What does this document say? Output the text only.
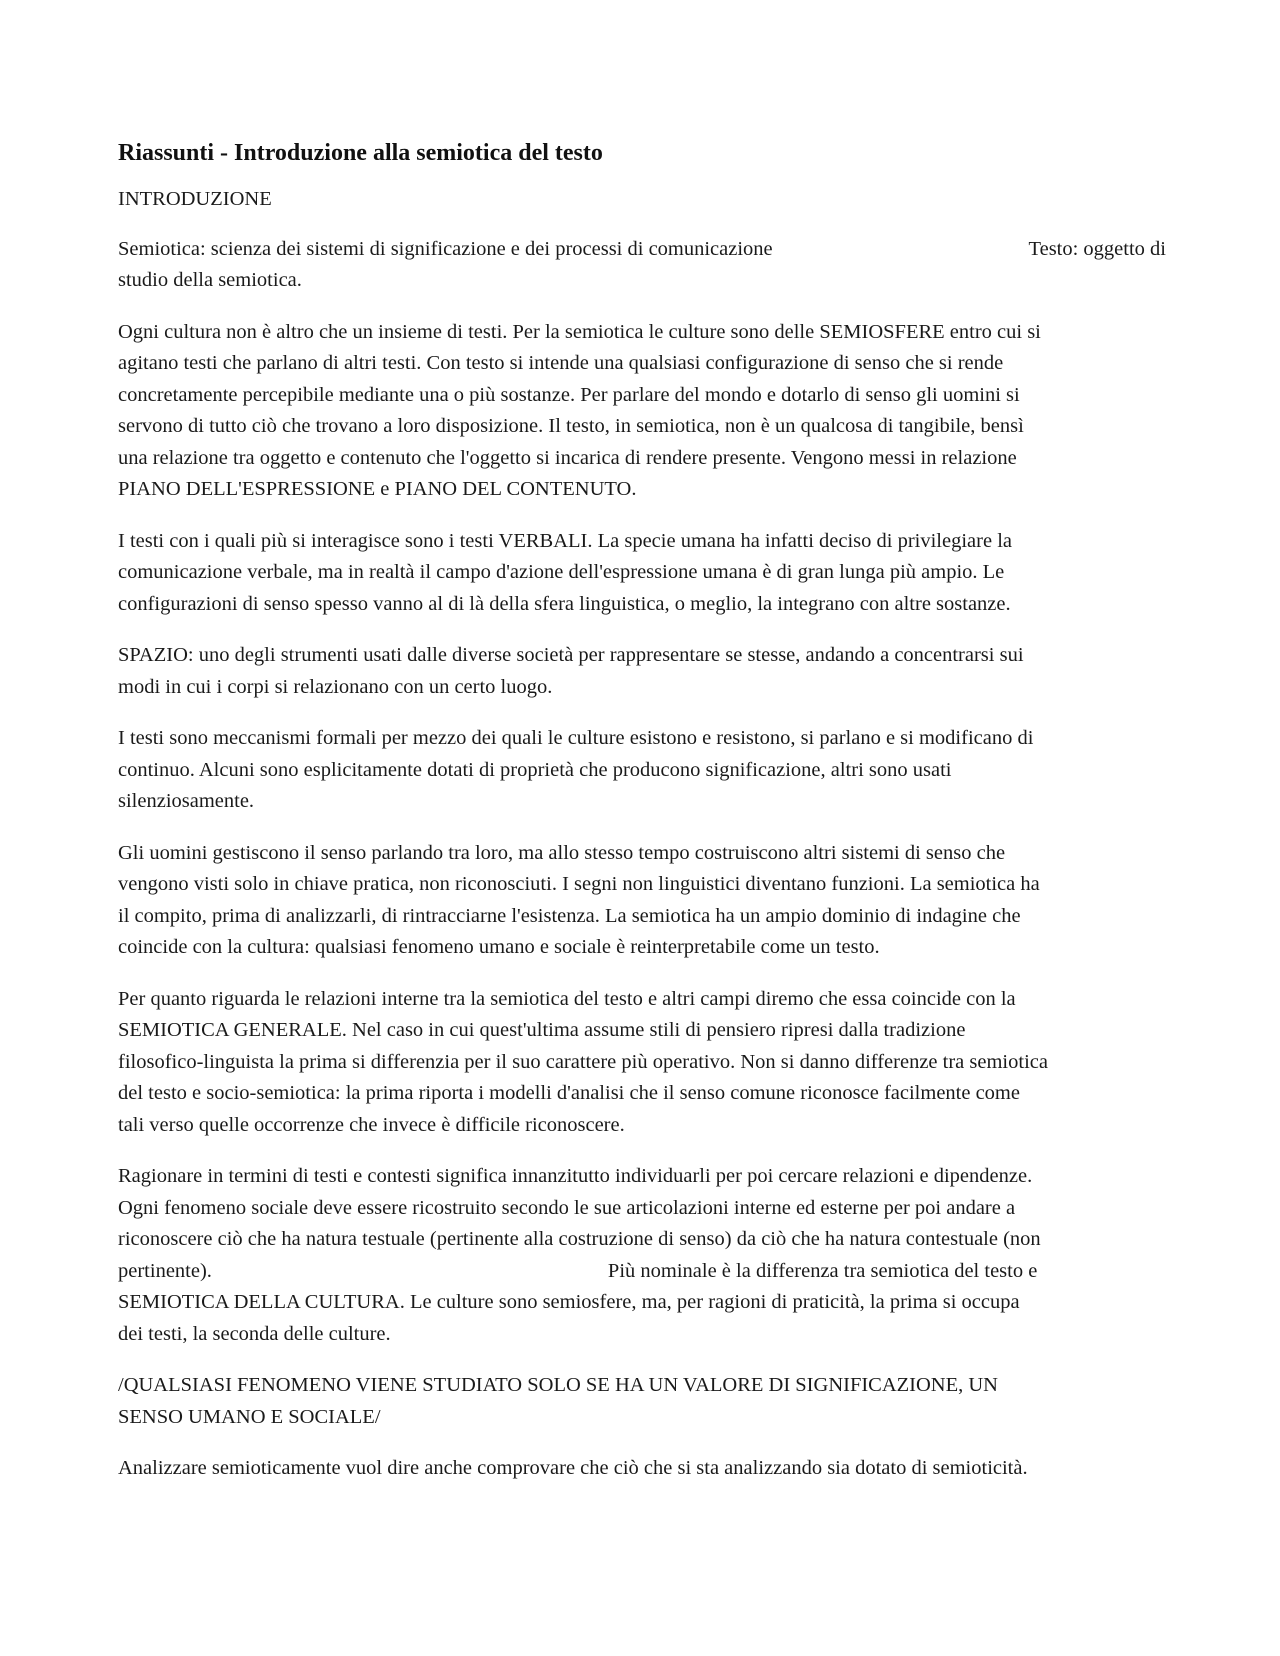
Riassunti - Introduzione alla semiotica del testo
INTRODUZIONE
Semiotica: scienza dei sistemi di significazione e dei processi di comunicazione	Testo: oggetto di
studio della semiotica.
Ogni cultura non è altro che un insieme di testi. Per la semiotica le culture sono delle SEMIOSFERE entro cui si
agitano testi che parlano di altri testi. Con testo si intende una qualsiasi configurazione di senso che si rende
concretamente percepibile mediante una o più sostanze. Per parlare del mondo e dotarlo di senso gli uomini si
servono di tutto ciò che trovano a loro disposizione. Il testo, in semiotica, non è un qualcosa di tangibile, bensì
una relazione tra oggetto e contenuto che l'oggetto si incarica di rendere presente. Vengono messi in relazione
PIANO DELL'ESPRESSIONE e PIANO DEL CONTENUTO.
I testi con i quali più si interagisce sono i testi VERBALI. La specie umana ha infatti deciso di privilegiare la
comunicazione verbale, ma in realtà il campo d'azione dell'espressione umana è di gran lunga più ampio. Le
configurazioni di senso spesso vanno al di là della sfera linguistica, o meglio, la integrano con altre sostanze.
SPAZIO: uno degli strumenti usati dalle diverse società per rappresentare se stesse, andando a concentrarsi sui
modi in cui i corpi si relazionano con un certo luogo.
I testi sono meccanismi formali per mezzo dei quali le culture esistono e resistono, si parlano e si modificano di
continuo. Alcuni sono esplicitamente dotati di proprietà che producono significazione, altri sono usati
silenziosamente.
Gli uomini gestiscono il senso parlando tra loro, ma allo stesso tempo costruiscono altri sistemi di senso che
vengono visti solo in chiave pratica, non riconosciuti. I segni non linguistici diventano funzioni. La semiotica ha
il compito, prima di analizzarli, di rintracciarne l'esistenza. La semiotica ha un ampio dominio di indagine che
coincide con la cultura: qualsiasi fenomeno umano e sociale è reinterpretabile come un testo.
Per quanto riguarda le relazioni interne tra la semiotica del testo e altri campi diremo che essa coincide con la
SEMIOTICA GENERALE. Nel caso in cui quest'ultima assume stili di pensiero ripresi dalla tradizione
filosofico-linguista la prima si differenzia per il suo carattere più operativo. Non si danno differenze tra semiotica
del testo e socio-semiotica: la prima riporta i modelli d'analisi che il senso comune riconosce facilmente come
tali verso quelle occorrenze che invece è difficile riconoscere.
Ragionare in termini di testi e contesti significa innanzitutto individuarli per poi cercare relazioni e dipendenze.
Ogni fenomeno sociale deve essere ricostruito secondo le sue articolazioni interne ed esterne per poi andare a
riconoscere ciò che ha natura testuale (pertinente alla costruzione di senso) da ciò che ha natura contestuale (non
pertinente).	Più nominale è la differenza tra semiotica del testo e
SEMIOTICA DELLA CULTURA. Le culture sono semiosfere, ma, per ragioni di praticità, la prima si occupa
dei testi, la seconda delle culture.
/QUALSIASI FENOMENO VIENE STUDIATO SOLO SE HA UN VALORE DI SIGNIFICAZIONE, UN
SENSO UMANO E SOCIALE/
Analizzare semioticamente vuol dire anche comprovare che ciò che si sta analizzando sia dotato di semioticità.
